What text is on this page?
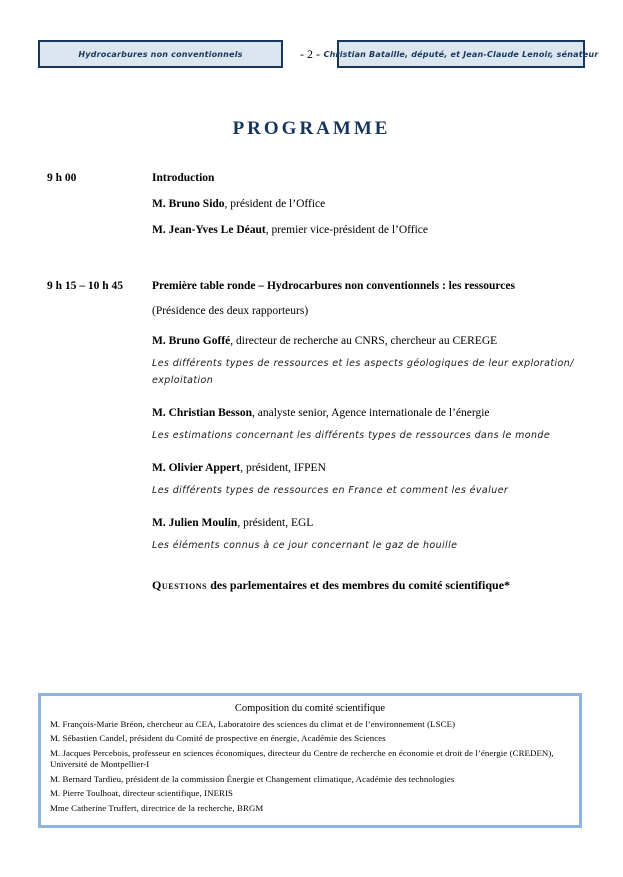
Hydrocarbures non conventionnels	- 2 - Christian Bataille, député, et Jean-Claude Lenoir, sénateur
PROGRAMME
9 h 00	Introduction

M. Bruno Sido, président de l’Office

M. Jean-Yves Le Déaut, premier vice-président de l’Office

9 h 15 – 10 h 45	Première table ronde – Hydrocarbures non conventionnels : les ressources

(Présidence des deux rapporteurs)

M. Bruno Goffé, directeur de recherche au CNRS, chercheur au CEREGE

Les différents types de ressources et les aspects géologiques de leur exploration/ exploitation

M. Christian Besson, analyste senior, Agence internationale de l’énergie

Les estimations concernant les différents types de ressources dans le monde

M. Olivier Appert, président, IFPEN

Les différents types de ressources en France et comment les évaluer

M. Julien Moulin, président, EGL

Les éléments connus à ce jour concernant le gaz de houille

Questions des parlementaires et des membres du comité scientifique*

Composition du comité scientifique

M. François-Marie Bréon, chercheur au CEA, Laboratoire des sciences du climat et de l’environnement (LSCE)

M. Sébastien Candel, président du Comité de prospective en énergie, Académie des Sciences

M. Jacques Percebois, professeur en sciences économiques, directeur du Centre de recherche en économie et droit de l’énergie (CREDEN), Université de Montpellier-I

M. Bernard Tardieu, président de la commission Énergie et Changement climatique, Académie des technologies

M. Pierre Toulhoat, directeur scientifique, INERIS

Mme Catherine Truffert, directrice de la recherche, BRGM
